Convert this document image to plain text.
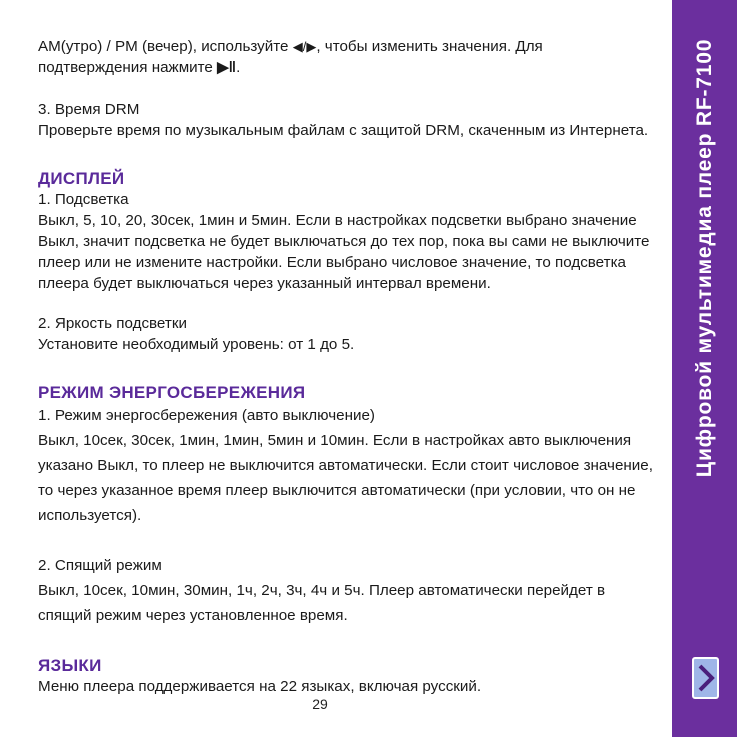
AM(утро) / PM (вечер), используйте ◀/▶, чтобы изменить значения. Для

подтверждения нажмите ▶‖.

3. Время DRM

Проверьте время по музыкальным файлам с защитой DRM, скаченным из Интернета.

ДИСПЛЕЙ

1. Подсветка

Выкл, 5, 10, 20, 30сек, 1мин и 5мин. Если в настройках подсветки выбрано значение Выкл, значит подсветка не будет выключаться до тех пор, пока вы сами не выключите плеер или не измените настройки. Если выбрано числовое значение, то подсветка плеера будет выключаться через указанный интервал времени.

2. Яркость подсветки

Установите необходимый уровень: от 1 до 5.

РЕЖИМ ЭНЕРГОСБЕРЕЖЕНИЯ

1. Режим энергосбережения (авто выключение)

Выкл, 10сек, 30сек, 1мин, 1мин, 5мин и 10мин. Если в настройках авто выключения указано Выкл, то плеер не выключится автоматически. Если стоит числовое значение, то через указанное время плеер выключится автоматически (при условии, что он не используется).

2. Спящий режим

Выкл, 10сек, 10мин, 30мин, 1ч, 2ч, 3ч, 4ч и 5ч. Плеер автоматически перейдет в спящий режим через установленное время.

ЯЗЫКИ

Меню плеера поддерживается на 22 языках, включая русский.

29
Цифровой мультимедиа плеер RF-7100
